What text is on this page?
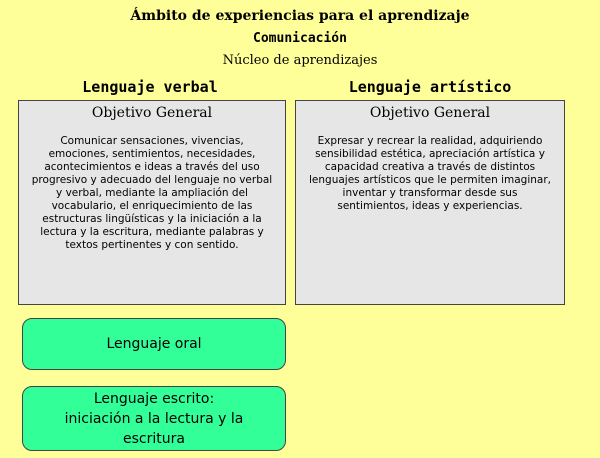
Ámbito de experiencias para el aprendizaje
Comunicación
Núcleo de aprendizajes
Lenguaje verbal	Lenguaje artístico
Objetivo General
Comunicar sensaciones, vivencias, emociones, sentimientos, necesidades, acontecimientos e ideas a través del uso progresivo y adecuado del lenguaje no verbal y verbal, mediante la ampliación del vocabulario, el enriquecimiento de las estructuras lingüísticas y la iniciación a la lectura y la escritura, mediante palabras y textos pertinentes y con sentido.
Objetivo General
Expresar y recrear la realidad, adquiriendo sensibilidad estética, apreciación artística y capacidad creativa a través de distintos lenguajes artísticos que le permiten imaginar, inventar y transformar desde sus sentimientos, ideas y experiencias.
Lenguaje oral
Lenguaje escrito: iniciación a la lectura y la escritura
